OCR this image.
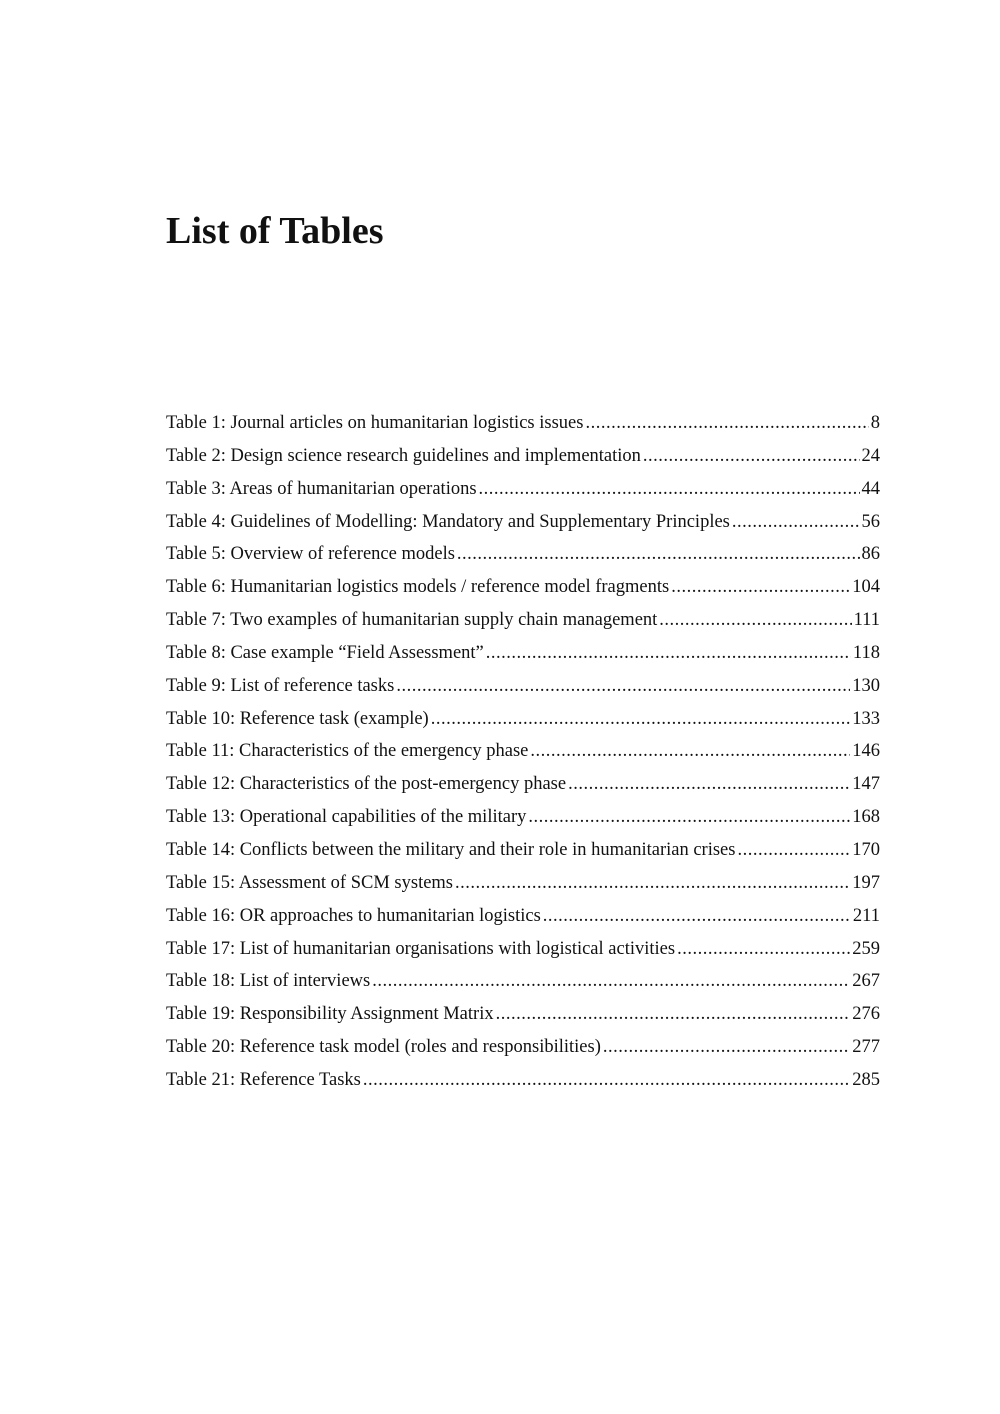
List of Tables
Table 1: Journal articles on humanitarian logistics issues .....	8
Table 2: Design science research guidelines and implementation .....	24
Table 3: Areas of humanitarian operations .....	44
Table 4: Guidelines of Modelling: Mandatory and Supplementary Principles .....	56
Table 5: Overview of reference models .....	86
Table 6: Humanitarian logistics models / reference model fragments .....	104
Table 7: Two examples of humanitarian supply chain management .....	111
Table 8: Case example “Field Assessment” .....	118
Table 9: List of reference tasks .....	130
Table 10: Reference task (example) .....	133
Table 11: Characteristics of the emergency phase .....	146
Table 12: Characteristics of the post-emergency phase .....	147
Table 13: Operational capabilities of the military .....	168
Table 14: Conflicts between the military and their role in humanitarian crises .....	170
Table 15: Assessment of SCM systems .....	197
Table 16: OR approaches to humanitarian logistics .....	211
Table 17: List of humanitarian organisations with logistical activities .....	259
Table 18: List of interviews .....	267
Table 19: Responsibility Assignment Matrix .....	276
Table 20: Reference task model (roles and responsibilities) .....	277
Table 21: Reference Tasks .....	285
